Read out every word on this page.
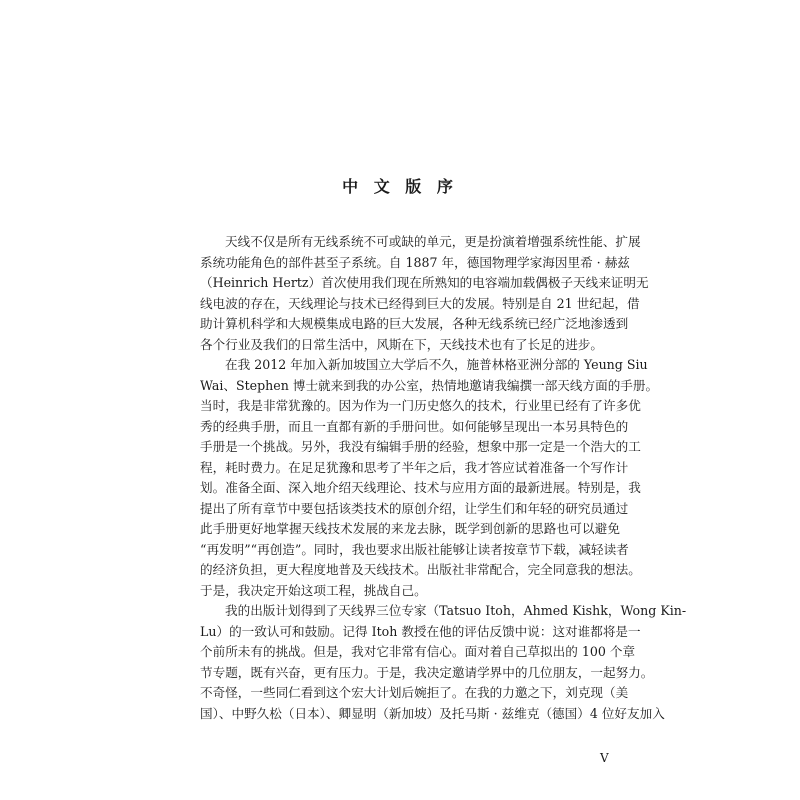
中 文 版 序
天线不仅是所有无线系统不可或缺的单元，更是扮演着增强系统性能、扩展
系统功能角色的部件甚至子系统。自 1887 年，德国物理学家海因里希 · 赫兹
（Heinrich Hertz）首次使用我们现在所熟知的电容端加载偶极子天线来证明无
线电波的存在，天线理论与技术已经得到巨大的发展。特别是自 21 世纪起，借
助计算机科学和大规模集成电路的巨大发展，各种无线系统已经广泛地渗透到
各个行业及我们的日常生活中，风斯在下，天线技术也有了长足的进步。
在我 2012 年加入新加坡国立大学后不久，施普林格亚洲分部的 Yeung Siu
Wai、Stephen 博士就来到我的办公室，热情地邀请我编撰一部天线方面的手册。
当时，我是非常犹豫的。因为作为一门历史悠久的技术，行业里已经有了许多优
秀的经典手册，而且一直都有新的手册问世。如何能够呈现出一本另具特色的
手册是一个挑战。另外，我没有编辑手册的经验，想象中那一定是一个浩大的工
程，耗时费力。在足足犹豫和思考了半年之后，我才答应试着准备一个写作计
划。准备全面、深入地介绍天线理论、技术与应用方面的最新进展。特别是，我
提出了所有章节中要包括该类技术的原创介绍，让学生们和年轻的研究员通过
此手册更好地掌握天线技术发展的来龙去脉，既学到创新的思路也可以避免
“再发明”“再创造”。同时，我也要求出版社能够让读者按章节下载，减轻读者
的经济负担，更大程度地普及天线技术。出版社非常配合，完全同意我的想法。
于是，我决定开始这项工程，挑战自己。
我的出版计划得到了天线界三位专家（Tatsuo Itoh，Ahmed Kishk，Wong Kin-
Lu）的一致认可和鼓励。记得 Itoh 教授在他的评估反馈中说：这对谁都将是一
个前所未有的挑战。但是，我对它非常有信心。面对着自己草拟出的 100 个章
节专题，既有兴奋，更有压力。于是，我决定邀请学界中的几位朋友，一起努力。
不奇怪，一些同仁看到这个宏大计划后婉拒了。在我的力邀之下，刘克现（美
国）、中野久松（日本）、卿显明（新加坡）及托马斯 · 兹维克（德国）4 位好友加入
V
